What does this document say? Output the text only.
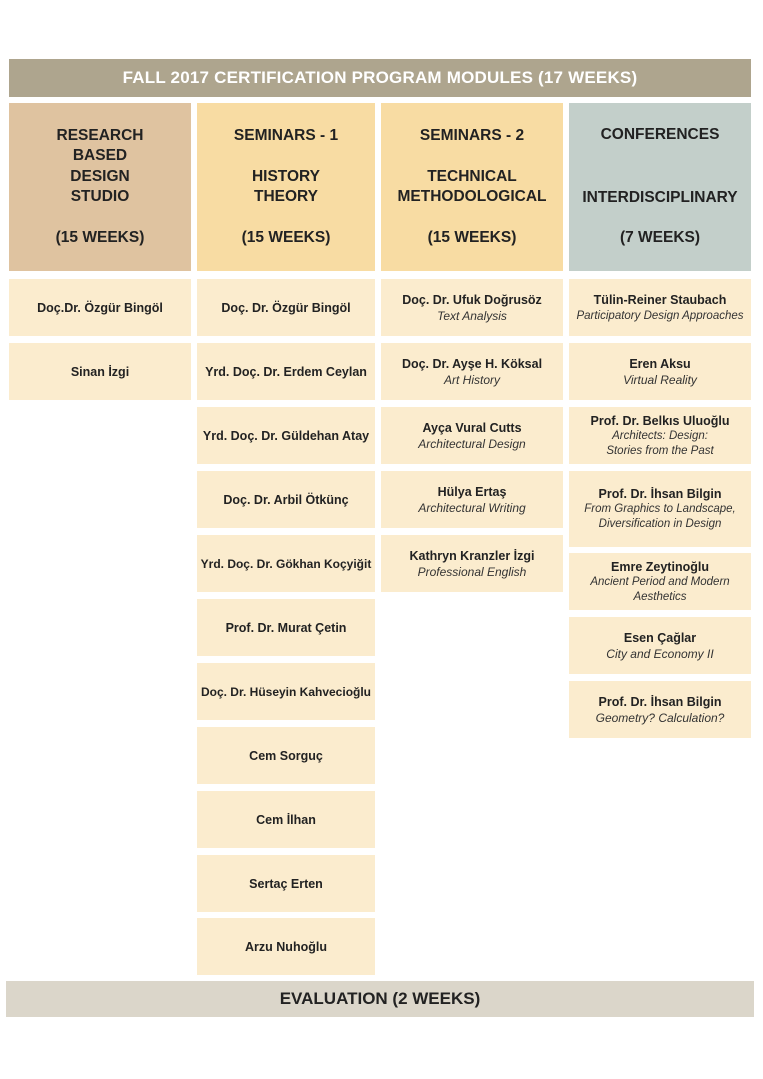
FALL 2017 CERTIFICATION PROGRAM MODULES (17 WEEKS)
RESEARCH
BASED
DESIGN
STUDIO
(15 WEEKS)
SEMINARS - 1
HISTORY
THEORY
(15 WEEKS)
SEMINARS - 2
TECHNICAL
METHODOLOGICAL
(15 WEEKS)
CONFERENCES
INTERDISCIPLINARY
(7 WEEKS)
Doç.Dr. Özgür Bingöl
Sinan İzgi
Doç. Dr. Özgür Bingöl
Yrd. Doç. Dr. Erdem Ceylan
Yrd. Doç. Dr. Güldehan Atay
Doç. Dr. Arbil Ötkünç
Yrd. Doç. Dr. Gökhan Koçyiğit
Prof. Dr. Murat Çetin
Doç. Dr. Hüseyin Kahvecioğlu
Cem Sorguç
Cem İlhan
Sertaç Erten
Arzu Nuhoğlu
Doç. Dr. Ufuk Doğrusöz
Text Analysis
Doç. Dr. Ayşe H. Köksal
Art History
Ayça Vural Cutts
Architectural Design
Hülya Ertaş
Architectural Writing
Kathryn Kranzler İzgi
Professional English
Tülin-Reiner Staubach
Participatory Design Approaches
Eren Aksu
Virtual Reality
Prof. Dr. Belkıs Uluoğlu
Architects: Design: Stories from the Past
Prof. Dr. İhsan Bilgin
From Graphics to Landscape, Diversification in Design
Emre Zeytinoğlu
Ancient Period and Modern Aesthetics
Esen Çağlar
City and Economy II
Prof. Dr. İhsan Bilgin
Geometry? Calculation?
EVALUATION (2 WEEKS)
